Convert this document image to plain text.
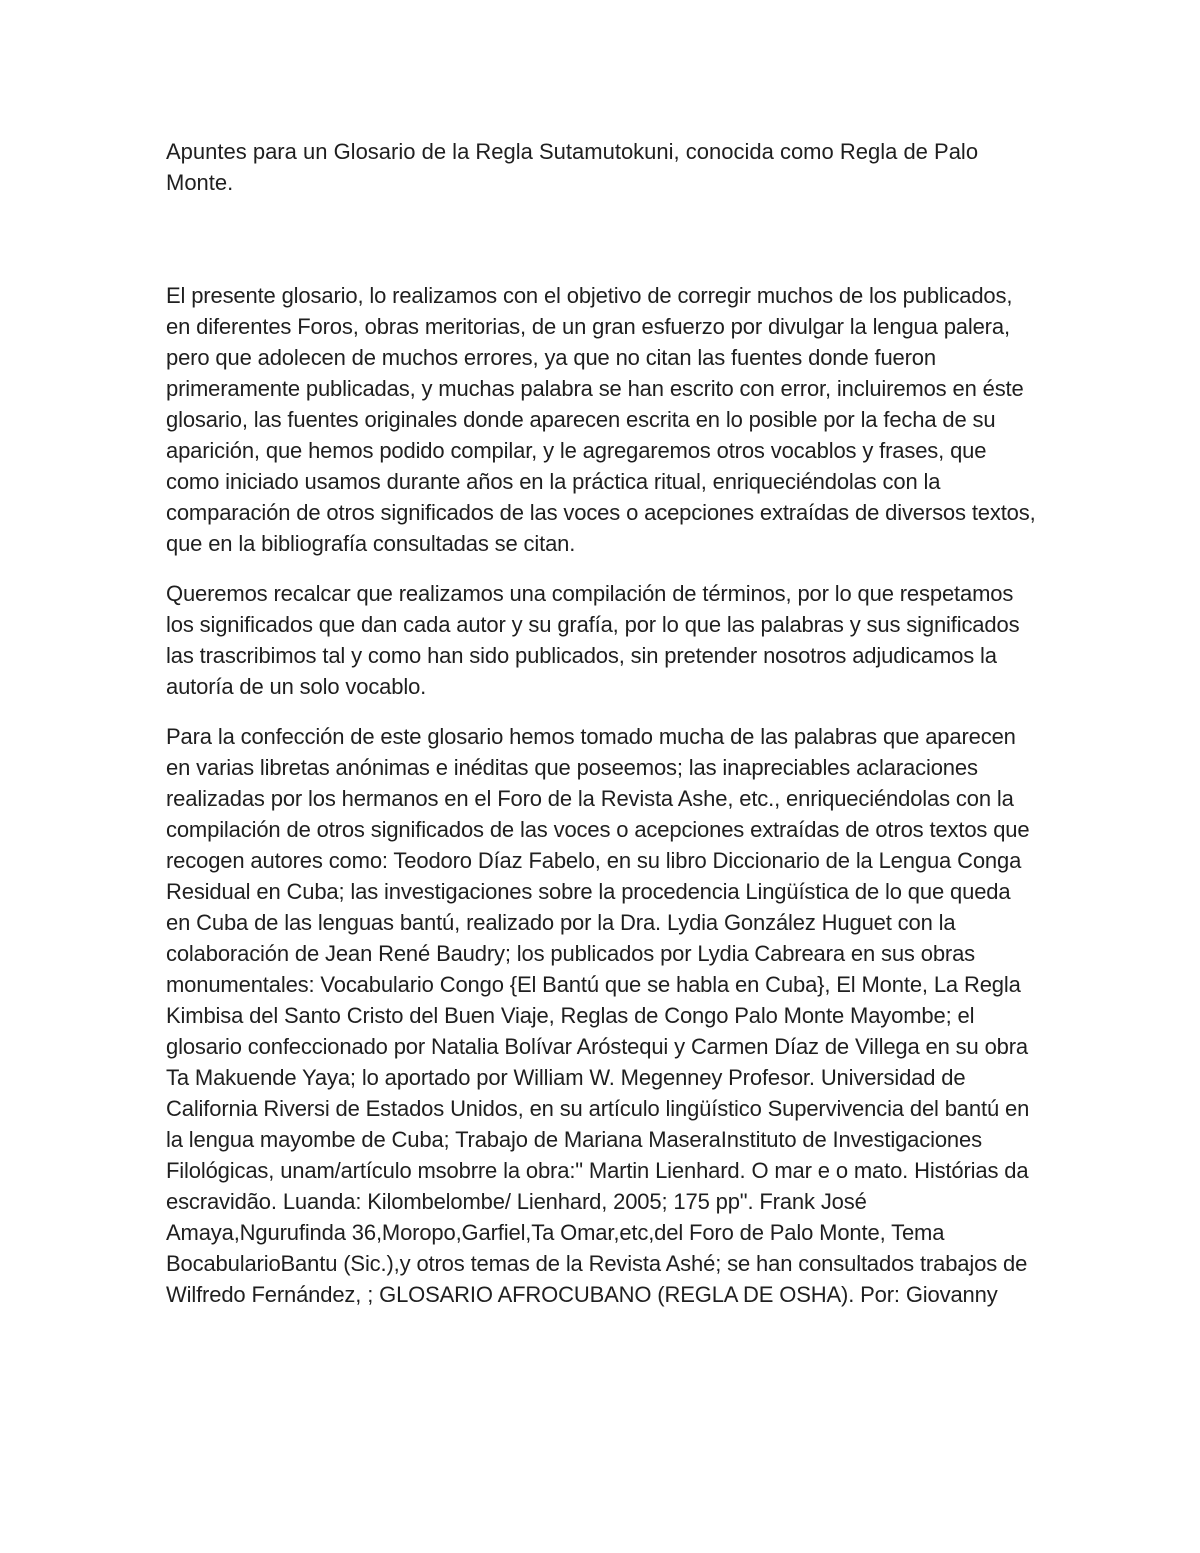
Apuntes para un Glosario de la Regla Sutamutokuni, conocida como Regla de Palo Monte.

El presente glosario, lo realizamos con el objetivo de corregir muchos de los publicados, en diferentes Foros, obras meritorias, de un gran esfuerzo por divulgar la lengua palera, pero que adolecen de muchos errores, ya que no citan las fuentes donde fueron primeramente publicadas, y muchas palabra se han escrito con error, incluiremos en éste glosario, las fuentes originales donde aparecen escrita en lo posible por la fecha de su aparición, que hemos podido compilar, y le agregaremos otros vocablos y frases, que como iniciado usamos durante años en la práctica ritual, enriqueciéndolas con la comparación de otros significados de las voces o acepciones extraídas de diversos textos, que en la bibliografía consultadas se citan.

Queremos recalcar que realizamos una compilación de términos, por lo que respetamos los significados que dan cada autor y su grafía, por lo que las palabras y sus significados las trascribimos tal y como han sido publicados, sin pretender nosotros adjudicamos la autoría de un solo vocablo.

Para la confección de este glosario hemos tomado mucha de las palabras que aparecen en varias libretas anónimas e inéditas que poseemos; las inapreciables aclaraciones realizadas por los hermanos en el Foro de la Revista Ashe, etc., enriqueciéndolas con la compilación de otros significados de las voces o acepciones extraídas de otros textos que recogen autores como: Teodoro Díaz Fabelo, en su libro Diccionario de la Lengua Conga Residual en Cuba; las investigaciones sobre la procedencia Lingüística de lo que queda en Cuba de las lenguas bantú, realizado por la Dra. Lydia González Huguet con la colaboración de Jean René Baudry; los publicados por Lydia Cabreara en sus obras monumentales: Vocabulario Congo {El Bantú que se habla en Cuba}, El Monte, La Regla Kimbisa del Santo Cristo del Buen Viaje, Reglas de Congo Palo Monte Mayombe; el glosario confeccionado por Natalia Bolívar Aróstequi y Carmen Díaz de Villega en su obra Ta Makuende Yaya; lo aportado por William W. Megenney Profesor. Universidad de California Riversi de Estados Unidos, en su artículo lingüístico Supervivencia del bantú en la lengua mayombe de Cuba; Trabajo de Mariana MaseraInstituto de Investigaciones Filológicas, unam/artículo msobrre la obra:" Martin Lienhard. O mar e o mato. Histórias da escravidão. Luanda: Kilombelombe/ Lienhard, 2005; 175 pp". Frank José Amaya,Ngurufinda 36,Moropo,Garfiel,Ta Omar,etc,del Foro de Palo Monte, Tema BocabularioBantu (Sic.),y otros temas de la Revista Ashé; se han consultados trabajos de Wilfredo Fernández, ; GLOSARIO AFROCUBANO (REGLA DE OSHA). Por: Giovanny
